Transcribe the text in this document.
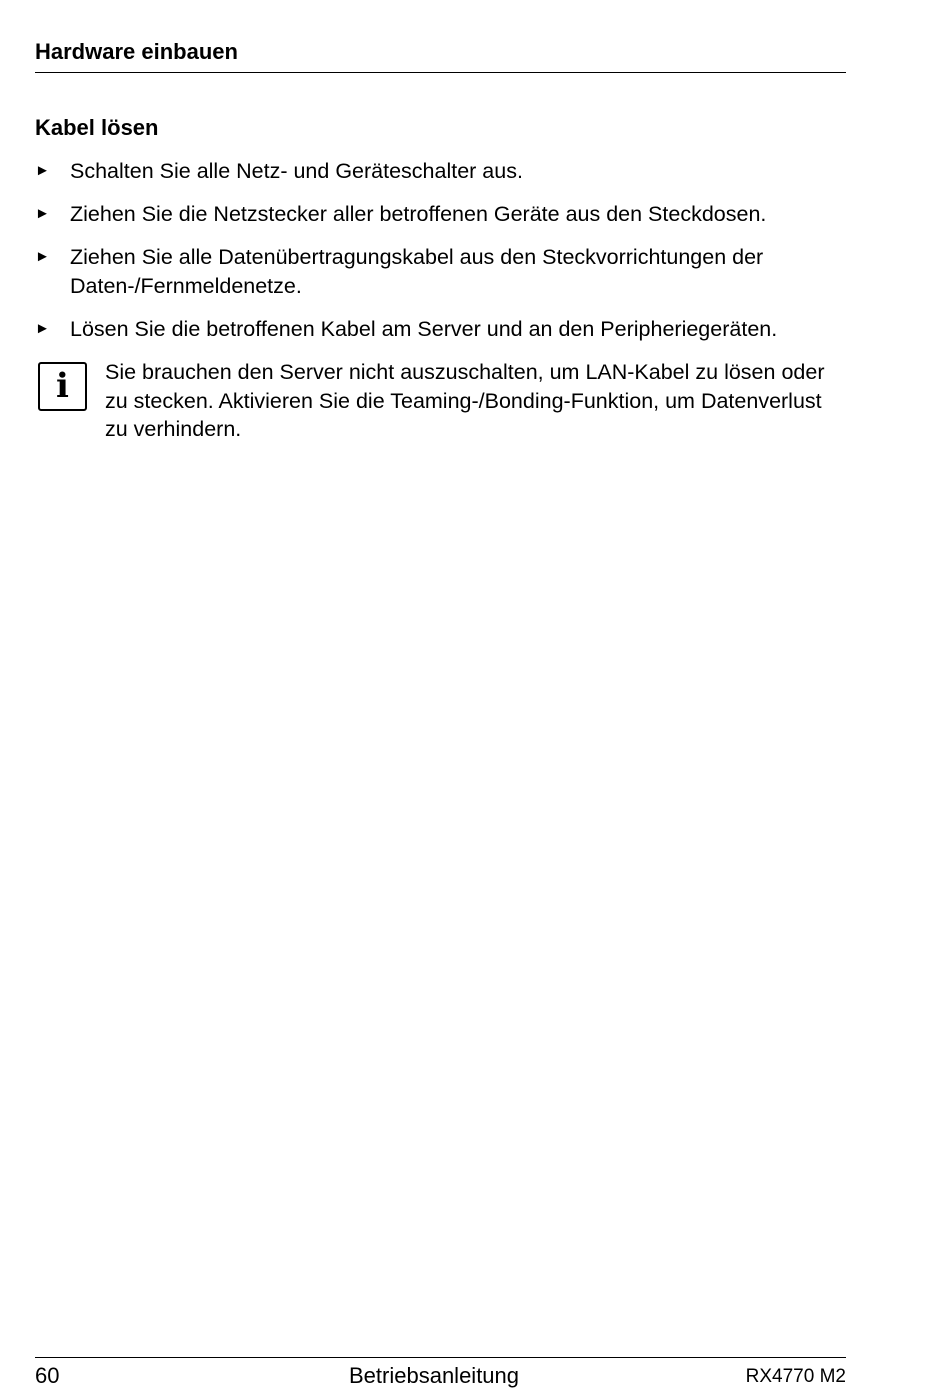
Hardware einbauen
Kabel lösen
► Schalten Sie alle Netz- und Geräteschalter aus.
► Ziehen Sie die Netzstecker aller betroffenen Geräte aus den Steckdosen.
► Ziehen Sie alle Datenübertragungskabel aus den Steckvorrichtungen der Daten-/Fernmeldenetze.
► Lösen Sie die betroffenen Kabel am Server und an den Peripheriegeräten.
i	Sie brauchen den Server nicht auszuschalten, um LAN-Kabel zu lösen oder zu stecken. Aktivieren Sie die Teaming-/Bonding-Funktion, um Datenverlust zu verhindern.
60	Betriebsanleitung	RX4770 M2
